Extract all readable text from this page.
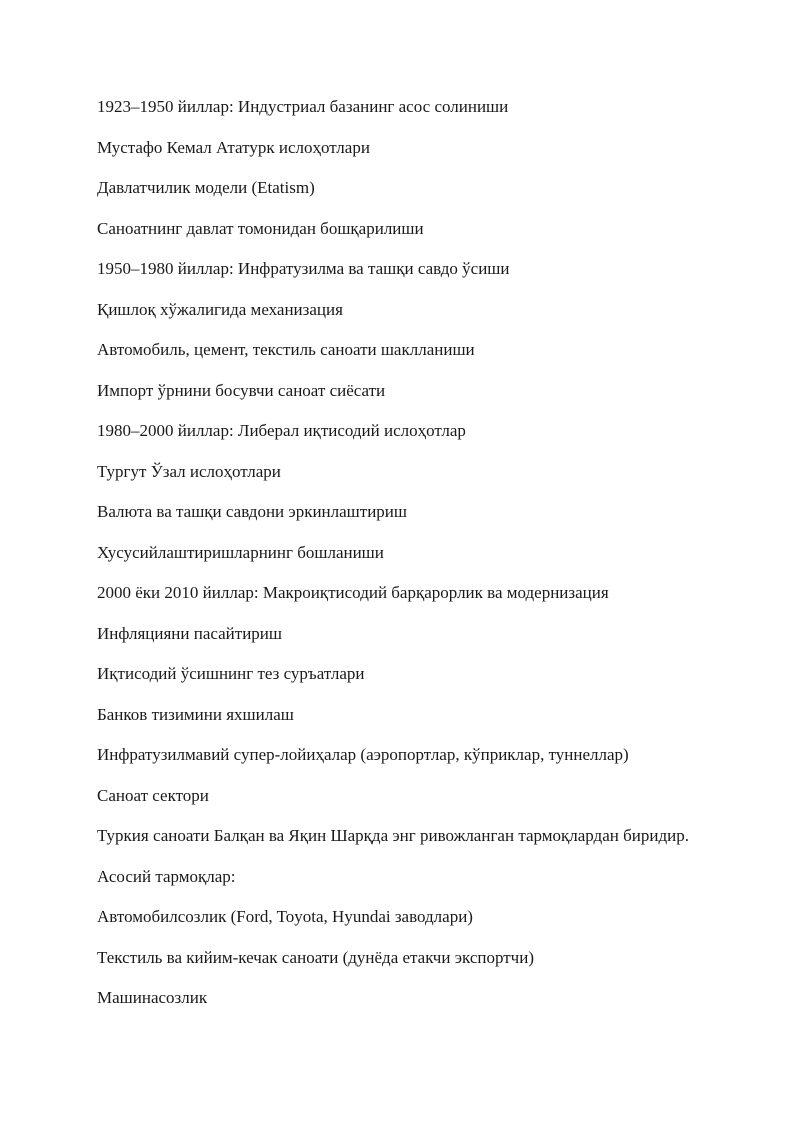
1923–1950 йиллар: Индустриал базанинг асос солиниши

Мустафо Кемал Ататурк ислоҳотлари

Давлатчилик модели (Etatism)

Саноатнинг давлат томонидан бошқарилиши

1950–1980 йиллар: Инфратузилма ва ташқи савдо ўсиши

Қишлоқ хўжалигида механизация

Автомобиль, цемент, текстиль саноати шаклланиши

Импорт ўрнини босувчи саноат сиёсати

1980–2000 йиллар: Либерал иқтисодий ислоҳотлар

Тургут Ўзал ислоҳотлари

Валюта ва ташқи савдони эркинлаштириш

Хусусийлаштиришларнинг бошланиши

2000 ёки 2010 йиллар: Макроиқтисодий барқарорлик ва модернизация

Инфляцияни пасайтириш

Иқтисодий ўсишнинг тез суръатлари

Банков тизимини яхшилаш

Инфратузилмавий супер-лойиҳалар (аэропортлар, кўприклар, туннеллар)

Саноат сектори

Туркия саноати Балқан ва Яқин Шарқда энг ривожланган тармоқлардан биридир.

Асосий тармоқлар:

Автомобилсозлик (Ford, Toyota, Hyundai заводлари)

Текстиль ва кийим-кечак саноати (дунёда етакчи экспортчи)

Машинасозлик
